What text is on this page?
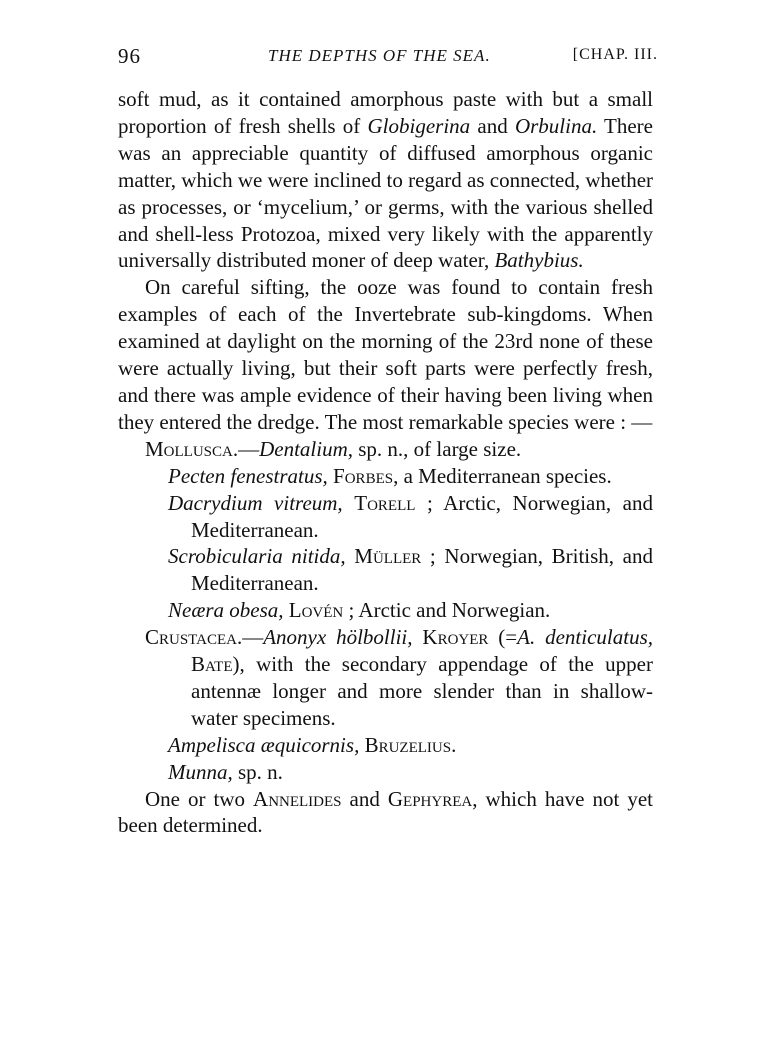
96	THE DEPTHS OF THE SEA.	[CHAP. III.

soft mud, as it contained amorphous paste with but a small proportion of fresh shells of Globigerina and Orbulina. There was an appreciable quantity of diffused amorphous organic matter, which we were inclined to regard as connected, whether as processes, or ‘mycelium,’ or germs, with the various shelled and shell-less Protozoa, mixed very likely with the apparently universally distributed moner of deep water, Bathybius.

On careful sifting, the ooze was found to contain fresh examples of each of the Invertebrate sub-kingdoms. When examined at daylight on the morning of the 23rd none of these were actually living, but their soft parts were perfectly fresh, and there was ample evidence of their having been living when they entered the dredge. The most remarkable species were : —

Mollusca.—Dentalium, sp. n., of large size.

Pecten fenestratus, Forbes, a Mediterranean species.

Dacrydium vitreum, Torell ; Arctic, Norwegian, and Mediterranean.

Scrobicularia nitida, Müller ; Norwegian, British, and Mediterranean.

Neæra obesa, Lovén ; Arctic and Norwegian.

Crustacea.—Anonyx hölbollii, Kroyer (=A. denticulatus, Bate), with the secondary appendage of the upper antennæ longer and more slender than in shallow-water specimens.

Ampelisca æquicornis, Bruzelius.

Munna, sp. n.

One or two Annelides and Gephyrea, which have not yet been determined.
